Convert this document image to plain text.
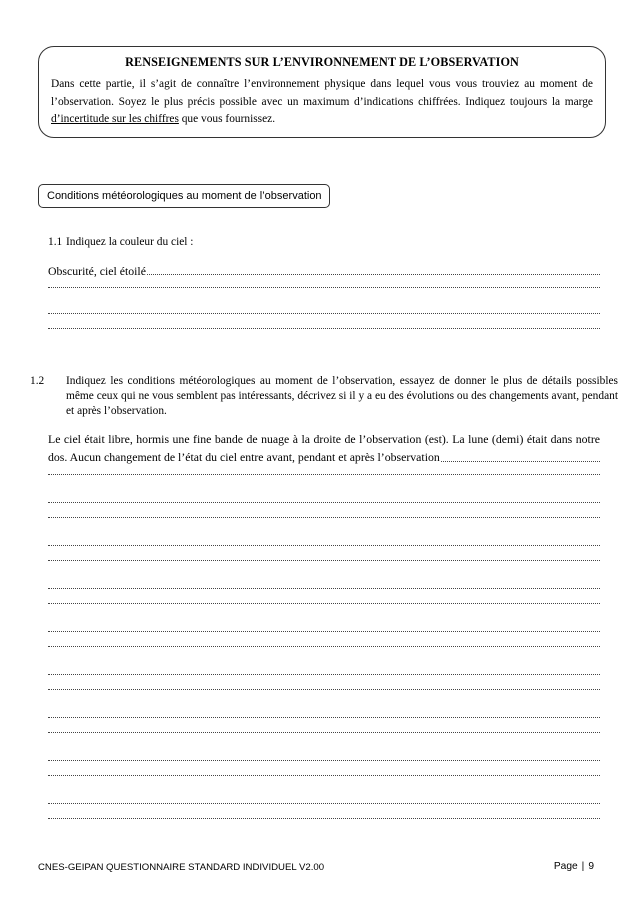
RENSEIGNEMENTS SUR L’ENVIRONNEMENT DE L’OBSERVATION

Dans cette partie, il s’agit de connaître l’environnement physique dans lequel vous vous trouviez au moment de l’observation. Soyez le plus précis possible avec un maximum d’indications chiffrées. Indiquez toujours la marge d’incertitude sur les chiffres que vous fournissez.

Conditions météorologiques au moment de l’observation

1.1 Indiquez la couleur du ciel :

Obscurité, ciel étoilé

1.2 Indiquez les conditions météorologiques au moment de l’observation, essayez de donner le plus de détails possibles même ceux qui ne vous semblent pas intéressants, décrivez si il y a eu des évolutions ou des changements avant, pendant et après l’observation.

Le ciel était libre, hormis une fine bande de nuage à la droite de l’observation (est). La lune (demi) était dans notre dos. Aucun changement de l’état du ciel entre avant, pendant et après l’observation

CNES-GEIPAN QUESTIONNAIRE STANDARD INDIVIDUEL V2.00	Page | 9
